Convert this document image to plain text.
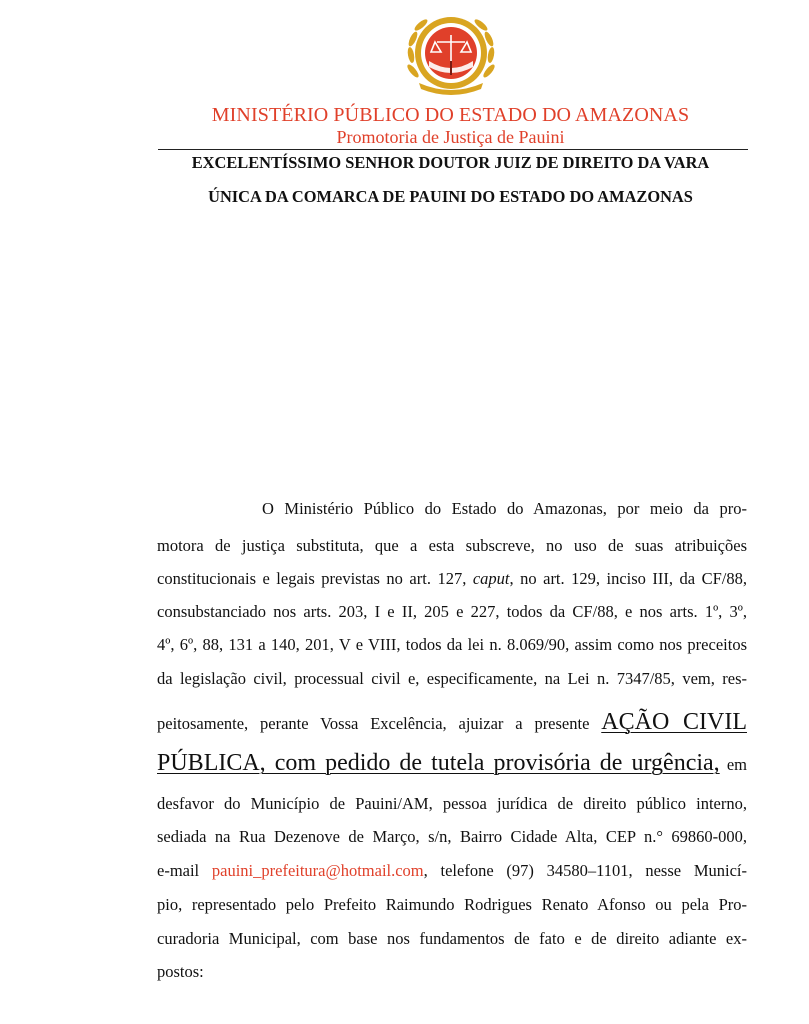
MINISTÉRIO PÚBLICO DO ESTADO DO AMAZONAS
Promotoria de Justiça de Pauini
EXCELENTÍSSIMO SENHOR DOUTOR JUIZ DE DIREITO DA VARA
ÚNICA DA COMARCA DE PAUINI DO ESTADO DO AMAZONAS
O Ministério Público do Estado do Amazonas, por meio da pro-
motora de justiça substituta, que a esta subscreve, no uso de suas atribuições
constitucionais e legais previstas no art. 127, caput, no art. 129, inciso III, da CF/88,
consubstanciado nos arts. 203, I e II, 205 e 227, todos da CF/88, e nos arts. 1º, 3º,
4º, 6º, 88, 131 a 140, 201, V e VIII, todos da lei n. 8.069/90, assim como nos preceitos
da legislação civil, processual civil e, especificamente, na Lei n. 7347/85, vem, res-
peitosamente, perante Vossa Excelência, ajuizar a presente AÇÃO CIVIL
PÚBLICA, com pedido de tutela provisória de urgência, em
desfavor do Município de Pauini/AM, pessoa jurídica de direito público interno,
sediada na Rua Dezenove de Março, s/n, Bairro Cidade Alta, CEP n.° 69860-000,
e-mail pauini_prefeitura@hotmail.com, telefone (97) 34580–1101, nesse Municí-
pio, representado pelo Prefeito Raimundo Rodrigues Renato Afonso ou pela Pro-
curadoria Municipal, com base nos fundamentos de fato e de direito adiante ex-
postos:
